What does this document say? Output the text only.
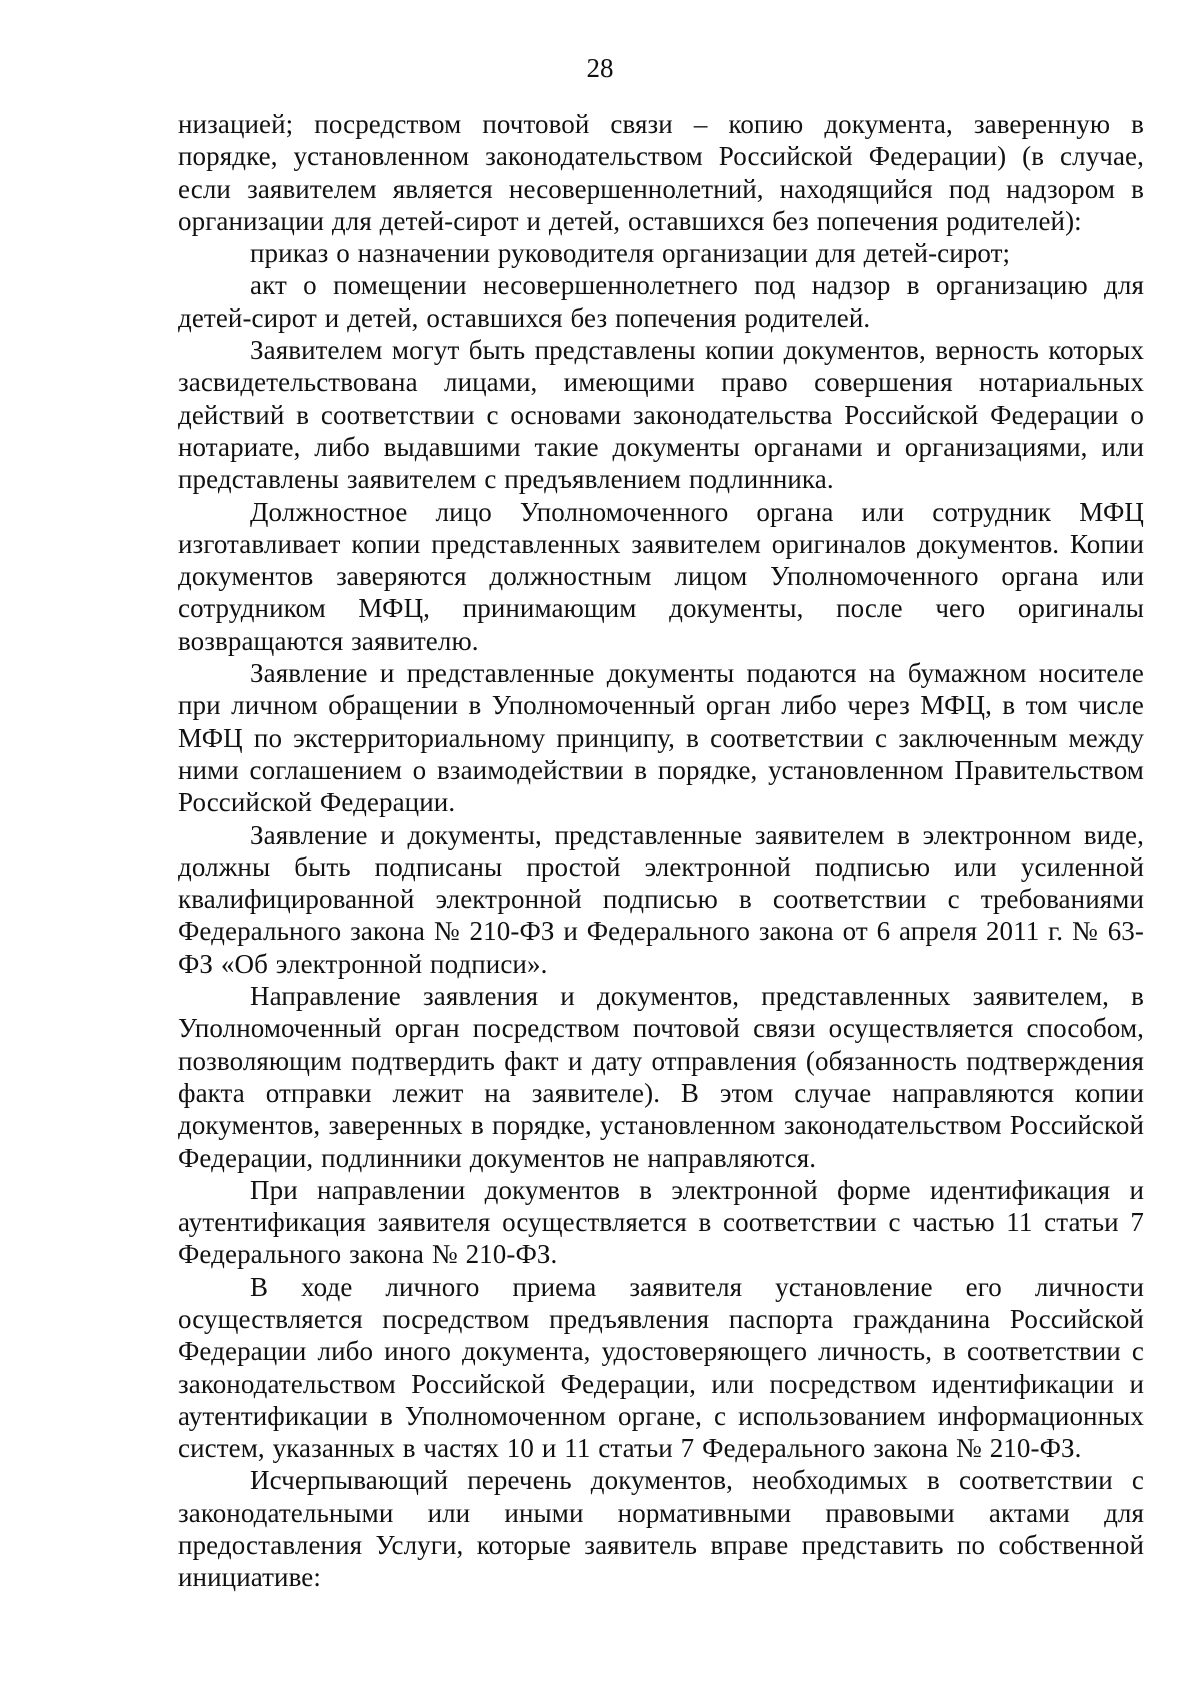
28

низацией; посредством почтовой связи – копию документа, заверенную в порядке, установленном законодательством Российской Федерации) (в случае, если заявителем является несовершеннолетний, находящийся под надзором в организации для детей-сирот и детей, оставшихся без попечения родителей):

приказ о назначении руководителя организации для детей-сирот;

акт о помещении несовершеннолетнего под надзор в организацию для детей-сирот и детей, оставшихся без попечения родителей.

Заявителем могут быть представлены копии документов, верность которых засвидетельствована лицами, имеющими право совершения нотариальных действий в соответствии с основами законодательства Российской Федерации о нотариате, либо выдавшими такие документы органами и организациями, или представлены заявителем с предъявлением подлинника.

Должностное лицо Уполномоченного органа или сотрудник МФЦ изготавливает копии представленных заявителем оригиналов документов. Копии документов заверяются должностным лицом Уполномоченного органа или сотрудником МФЦ, принимающим документы, после чего оригиналы возвращаются заявителю.

Заявление и представленные документы подаются на бумажном носителе при личном обращении в Уполномоченный орган либо через МФЦ, в том числе МФЦ по экстерриториальному принципу, в соответствии с заключенным между ними соглашением о взаимодействии в порядке, установленном Правительством Российской Федерации.

Заявление и документы, представленные заявителем в электронном виде, должны быть подписаны простой электронной подписью или усиленной квалифицированной электронной подписью в соответствии с требованиями Федерального закона № 210-ФЗ и Федерального закона от 6 апреля 2011 г. № 63-ФЗ «Об электронной подписи».

Направление заявления и документов, представленных заявителем, в Уполномоченный орган посредством почтовой связи осуществляется способом, позволяющим подтвердить факт и дату отправления (обязанность подтверждения факта отправки лежит на заявителе). В этом случае направляются копии документов, заверенных в порядке, установленном законодательством Российской Федерации, подлинники документов не направляются.

При направлении документов в электронной форме идентификация и аутентификация заявителя осуществляется в соответствии с частью 11 статьи 7 Федерального закона № 210-ФЗ.

В ходе личного приема заявителя установление его личности осуществляется посредством предъявления паспорта гражданина Российской Федерации либо иного документа, удостоверяющего личность, в соответствии с законодательством Российской Федерации, или посредством идентификации и аутентификации в Уполномоченном органе, с использованием информационных систем, указанных в частях 10 и 11 статьи 7 Федерального закона № 210-ФЗ.

Исчерпывающий перечень документов, необходимых в соответствии с законодательными или иными нормативными правовыми актами для предоставления Услуги, которые заявитель вправе представить по собственной инициативе:
